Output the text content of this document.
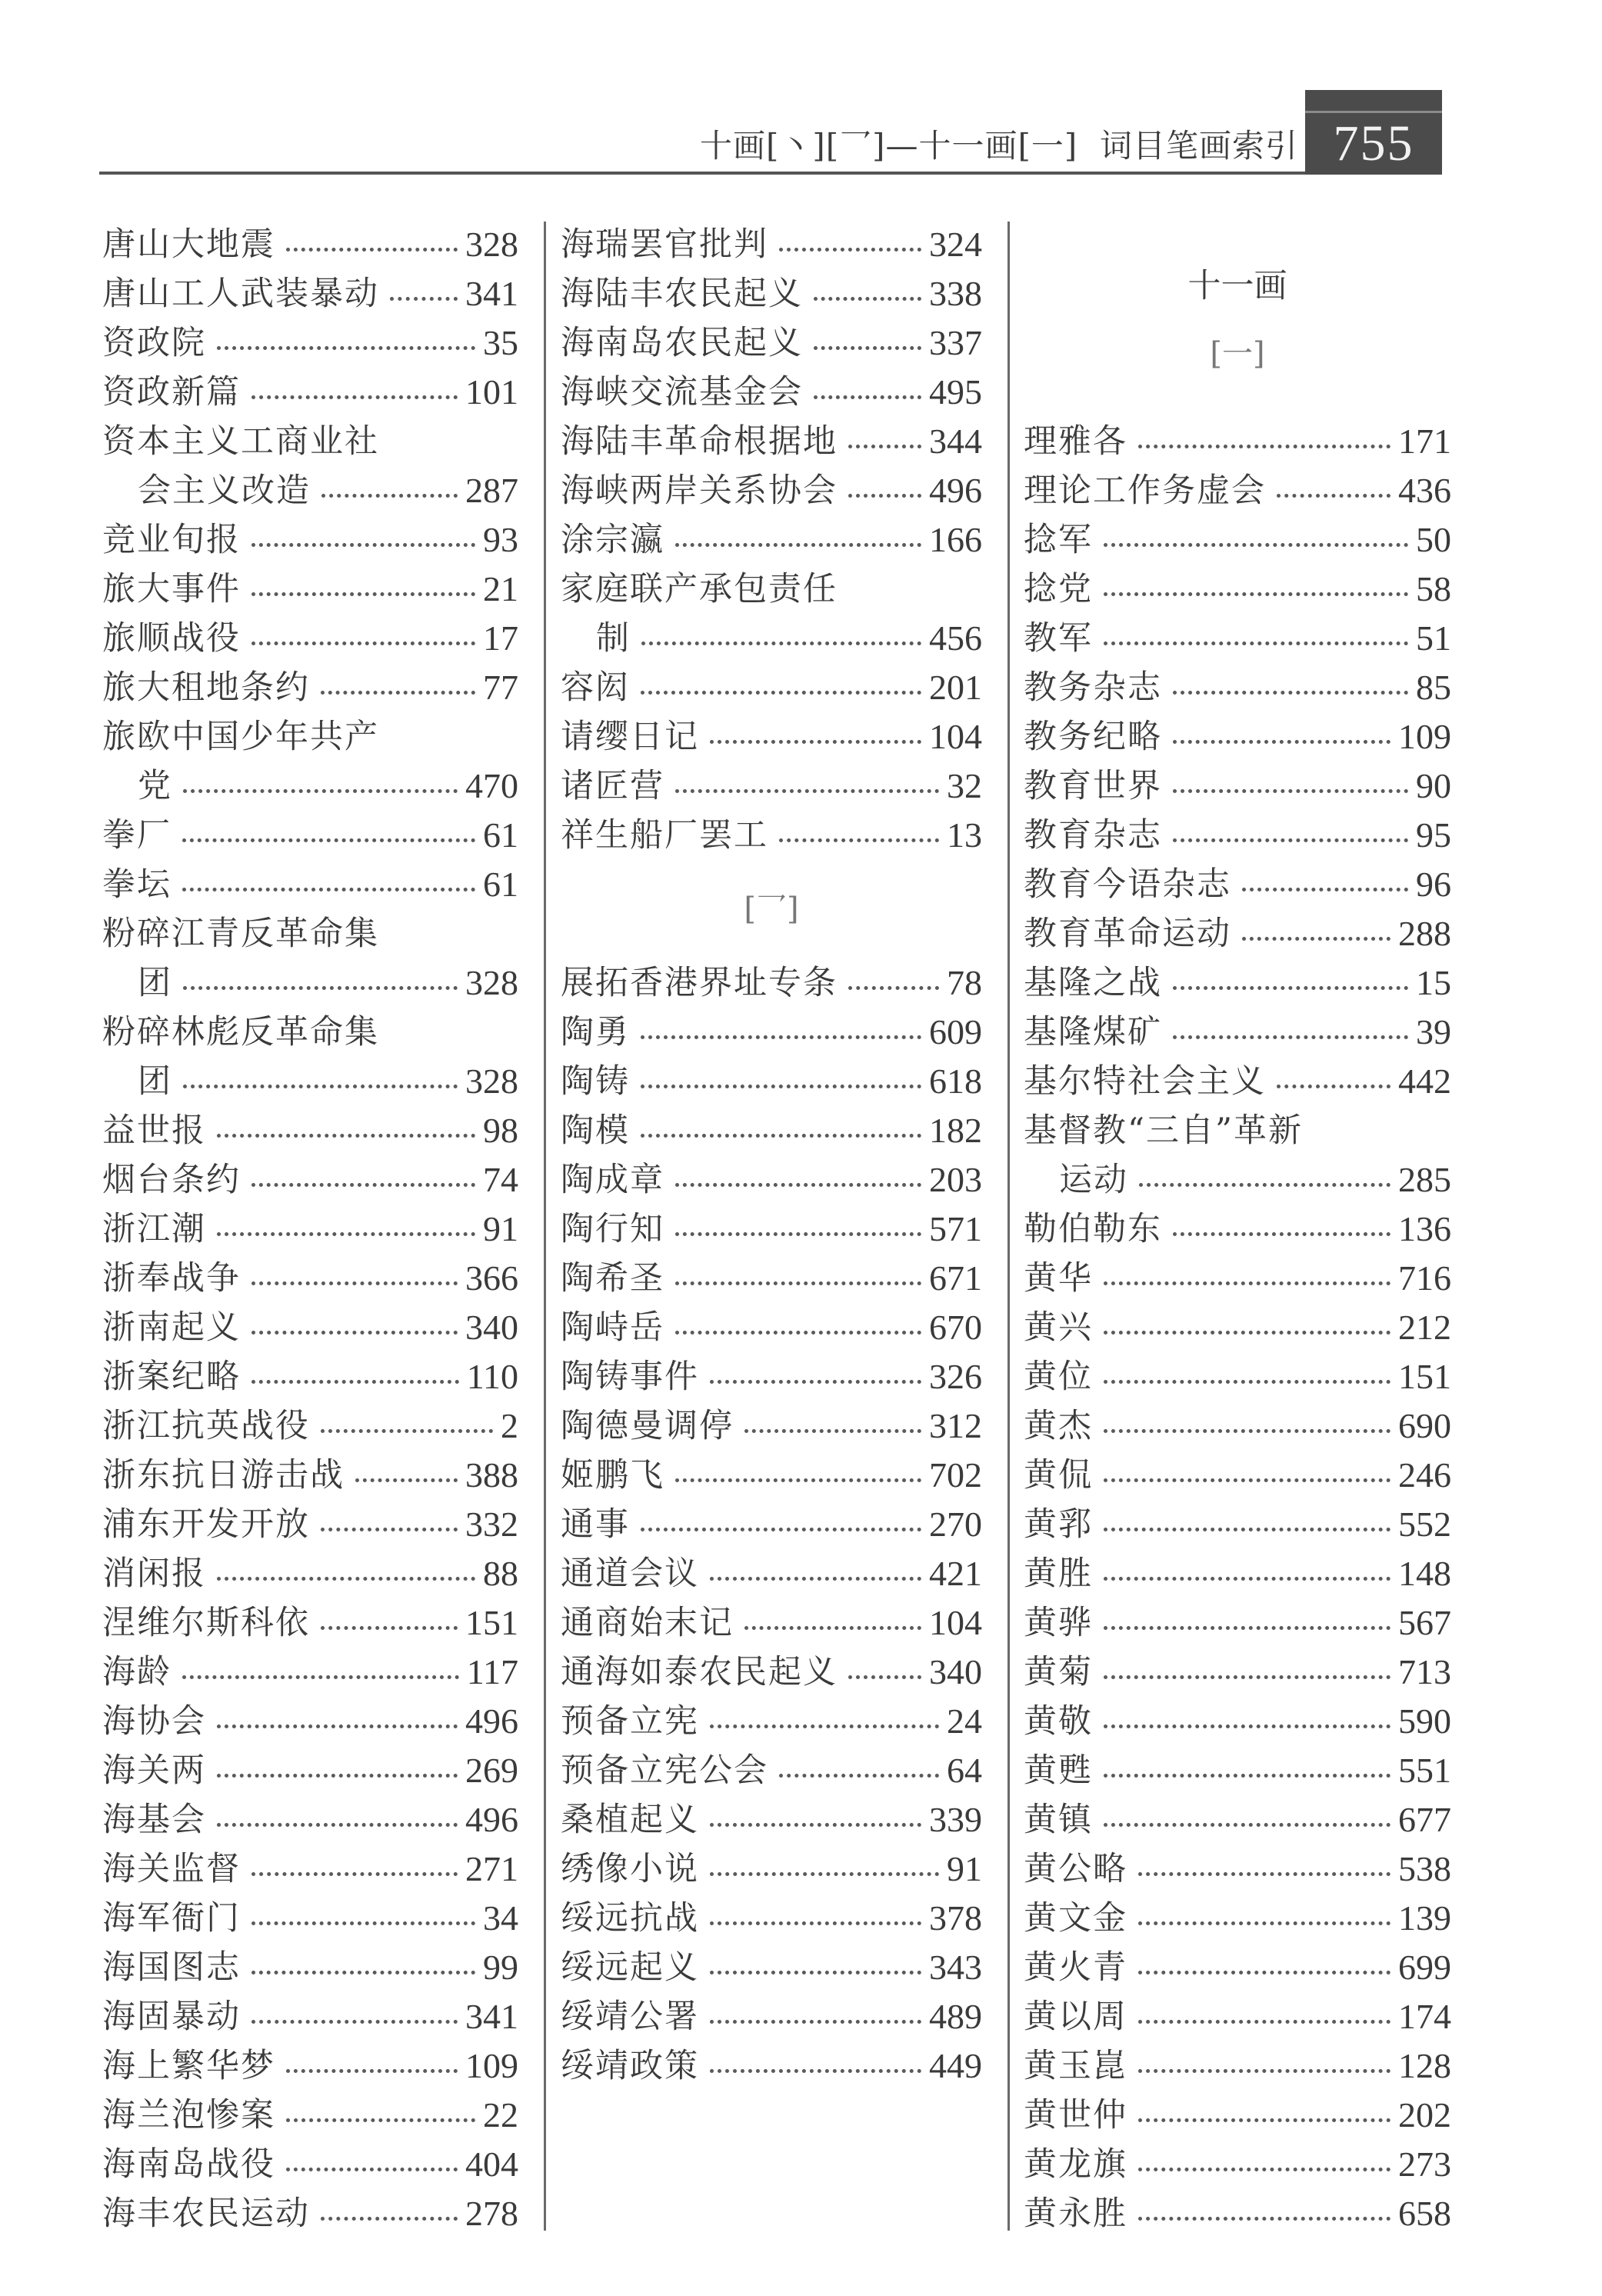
十画[丶][乛]—十一画[一]  词目笔画索引 755
唐山大地震	328
唐山工人武装暴动 341
资政院	35
资政新篇	101
资本主义工商业社
会主义改造	287
竞业旬报	93
旅大事件	21
旅顺战役	17
旅大租地条约	77
旅欧中国少年共产
党	470
拳厂	61
拳坛	61
粉碎江青反革命集
团	328
粉碎林彪反革命集
团	328
益世报	98
烟台条约	74
浙江潮	91
浙奉战争	366
浙南起义	340
浙案纪略	110
浙江抗英战役	2
浙东抗日游击战	388
浦东开发开放	332
消闲报	88
涅维尔斯科依	151
海龄	117
海协会	496
海关两	269
海基会	496
海关监督	271
海军衙门	34
海国图志	99
海固暴动	341
海上繁华梦	109
海兰泡惨案	22
海南岛战役	404
海丰农民运动	278
海瑞罢官批判	324
海陆丰农民起义	338
海南岛农民起义	337
海峡交流基金会	495
海陆丰革命根据地	344
海峡两岸关系协会	496
涂宗瀛	166
家庭联产承包责任
制	456
容闳	201
请缨日记	104
诸匠营	32
祥生船厂罢工	13
[乛]
展拓香港界址专条	78
陶勇	609
陶铸	618
陶模	182
陶成章	203
陶行知	571
陶希圣	671
陶峙岳	670
陶铸事件	326
陶德曼调停	312
姬鹏飞	702
通事	270
通道会议	421
通商始末记	104
通海如泰农民起义	340
预备立宪	24
预备立宪公会	64
桑植起义	339
绣像小说	91
绥远抗战	378
绥远起义	343
绥靖公署	489
绥靖政策	449
十一画
[一]
理雅各	171
理论工作务虚会	436
捻军	50
捻党	58
教军	51
教务杂志	85
教务纪略	109
教育世界	90
教育杂志	95
教育今语杂志	96
教育革命运动	288
基隆之战	15
基隆煤矿	39
基尔特社会主义	442
基督教“三自”革新
运动	285
勒伯勒东	136
黄华	716
黄兴	212
黄位	151
黄杰	690
黄侃	246
黄郛	552
黄胜	148
黄骅	567
黄菊	713
黄敬	590
黄甦	551
黄镇	677
黄公略	538
黄文金	139
黄火青	699
黄以周	174
黄玉崑	128
黄世仲	202
黄龙旗	273
黄永胜	658
